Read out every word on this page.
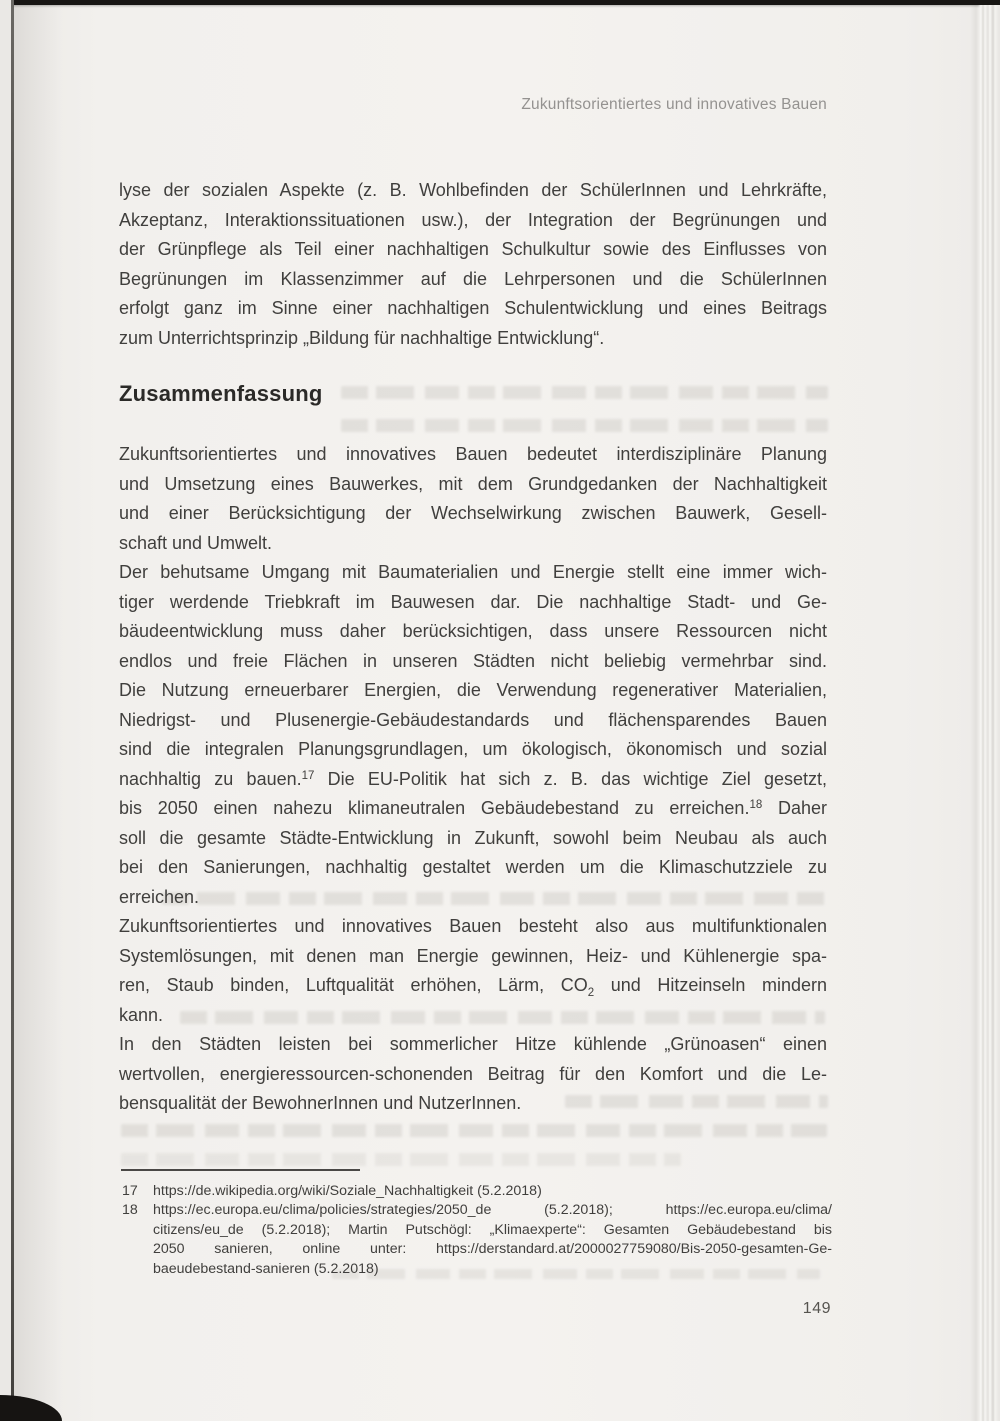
Zukunftsorientiertes und innovatives Bauen
lyse der sozialen Aspekte (z. B. Wohlbefinden der SchülerInnen und Lehrkräfte,
Akzeptanz, Interaktionssituationen usw.), der Integration der Begrünungen und
der Grünpflege als Teil einer nachhaltigen Schulkultur sowie des Einflusses von
Begrünungen im Klassenzimmer auf die Lehrpersonen und die SchülerInnen
erfolgt ganz im Sinne einer nachhaltigen Schulentwicklung und eines Beitrags
zum Unterrichtsprinzip „Bildung für nachhaltige Entwicklung“.
Zusammenfassung
Zukunftsorientiertes und innovatives Bauen bedeutet interdisziplinäre Planung
und Umsetzung eines Bauwerkes, mit dem Grundgedanken der Nachhaltigkeit
und einer Berücksichtigung der Wechselwirkung zwischen Bauwerk, Gesell-
schaft und Umwelt.
Der behutsame Umgang mit Baumaterialien und Energie stellt eine immer wich-
tiger werdende Triebkraft im Bauwesen dar. Die nachhaltige Stadt- und Ge-
bäudeentwicklung muss daher berücksichtigen, dass unsere Ressourcen nicht
endlos und freie Flächen in unseren Städten nicht beliebig vermehrbar sind.
Die Nutzung erneuerbarer Energien, die Verwendung regenerativer Materialien,
Niedrigst- und Plusenergie-Gebäudestandards und flächensparendes Bauen
sind die integralen Planungsgrundlagen, um ökologisch, ökonomisch und sozial
nachhaltig zu bauen.$^{17}$ Die EU-Politik hat sich z. B. das wichtige Ziel gesetzt,
bis 2050 einen nahezu klimaneutralen Gebäudebestand zu erreichen.$^{18}$ Daher
soll die gesamte Städte-Entwicklung in Zukunft, sowohl beim Neubau als auch
bei den Sanierungen, nachhaltig gestaltet werden um die Klimaschutzziele zu
erreichen.
Zukunftsorientiertes und innovatives Bauen besteht also aus multifunktionalen
Systemlösungen, mit denen man Energie gewinnen, Heiz- und Kühlenergie spa-
ren, Staub binden, Luftqualität erhöhen, Lärm, $CO_2$ und Hitzeinseln mindern
kann.
In den Städten leisten bei sommerlicher Hitze kühlende „Grünoasen“ einen
wertvollen, energieressourcen-schonenden Beitrag für den Komfort und die Le-
bensqualität der BewohnerInnen und NutzerInnen.
17	https://de.wikipedia.org/wiki/Soziale_Nachhaltigkeit (5.2.2018)
18	https://ec.europa.eu/clima/policies/strategies/2050_de (5.2.2018); https://ec.europa.eu/clima/
citizens/eu_de (5.2.2018); Martin Putschögl: „Klimaexperte“: Gesamten Gebäudebestand bis
2050 sanieren, online unter: https://derstandard.at/2000027759080/Bis-2050-gesamten-Ge-
baeudebestand-sanieren (5.2.2018)
149
